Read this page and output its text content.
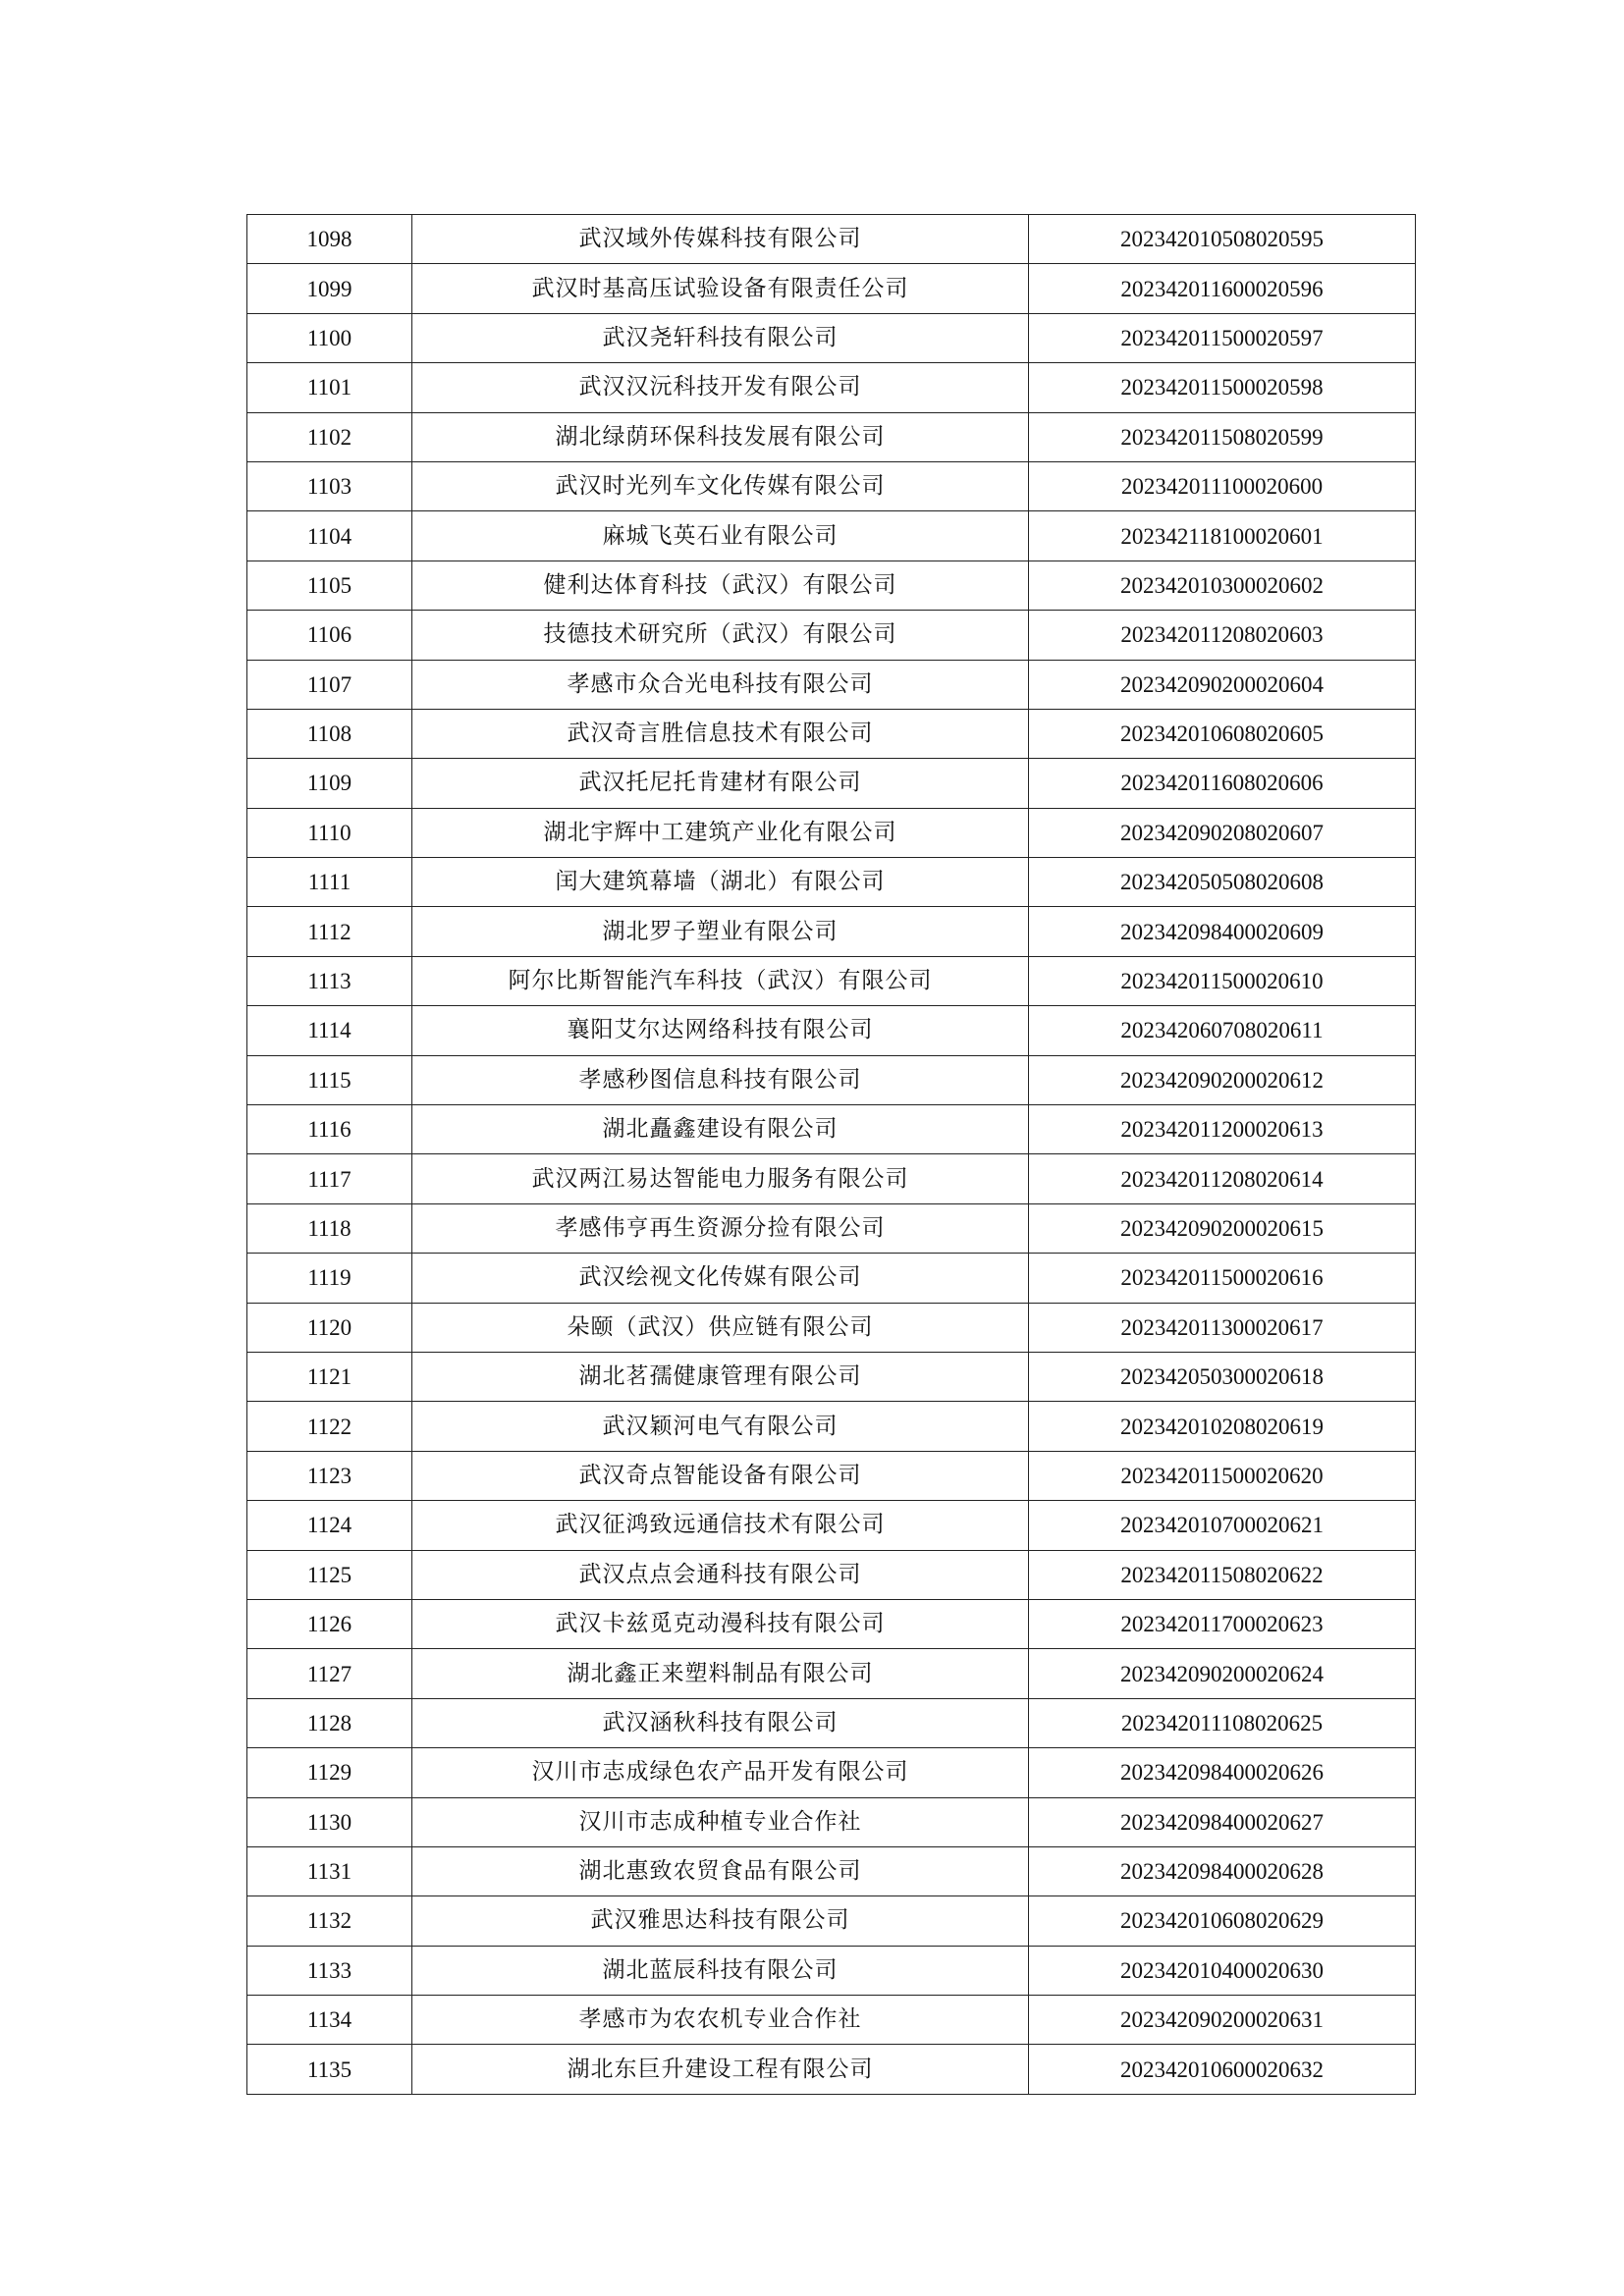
1098	武汉域外传媒科技有限公司	202342010508020595
1099	武汉时基高压试验设备有限责任公司	202342011600020596
1100	武汉尧轩科技有限公司	202342011500020597
1101	武汉汉沅科技开发有限公司	202342011500020598
1102	湖北绿荫环保科技发展有限公司	202342011508020599
1103	武汉时光列车文化传媒有限公司	202342011100020600
1104	麻城飞英石业有限公司	202342118100020601
1105	健利达体育科技（武汉）有限公司	202342010300020602
1106	技德技术研究所（武汉）有限公司	202342011208020603
1107	孝感市众合光电科技有限公司	202342090200020604
1108	武汉奇言胜信息技术有限公司	202342010608020605
1109	武汉托尼托肯建材有限公司	202342011608020606
1110	湖北宇辉中工建筑产业化有限公司	202342090208020607
1111	闰大建筑幕墙（湖北）有限公司	202342050508020608
1112	湖北罗子塑业有限公司	202342098400020609
1113	阿尔比斯智能汽车科技（武汉）有限公司	202342011500020610
1114	襄阳艾尔达网络科技有限公司	202342060708020611
1115	孝感秒图信息科技有限公司	202342090200020612
1116	湖北矗鑫建设有限公司	202342011200020613
1117	武汉两江易达智能电力服务有限公司	202342011208020614
1118	孝感伟亨再生资源分捡有限公司	202342090200020615
1119	武汉绘视文化传媒有限公司	202342011500020616
1120	朵颐（武汉）供应链有限公司	202342011300020617
1121	湖北茗孺健康管理有限公司	202342050300020618
1122	武汉颖河电气有限公司	202342010208020619
1123	武汉奇点智能设备有限公司	202342011500020620
1124	武汉征鸿致远通信技术有限公司	202342010700020621
1125	武汉点点会通科技有限公司	202342011508020622
1126	武汉卡兹觅克动漫科技有限公司	202342011700020623
1127	湖北鑫正来塑料制品有限公司	202342090200020624
1128	武汉涵秋科技有限公司	202342011108020625
1129	汉川市志成绿色农产品开发有限公司	202342098400020626
1130	汉川市志成种植专业合作社	202342098400020627
1131	湖北惠致农贸食品有限公司	202342098400020628
1132	武汉雅思达科技有限公司	202342010608020629
1133	湖北蓝辰科技有限公司	202342010400020630
1134	孝感市为农农机专业合作社	202342090200020631
1135	湖北东巨升建设工程有限公司	202342010600020632
